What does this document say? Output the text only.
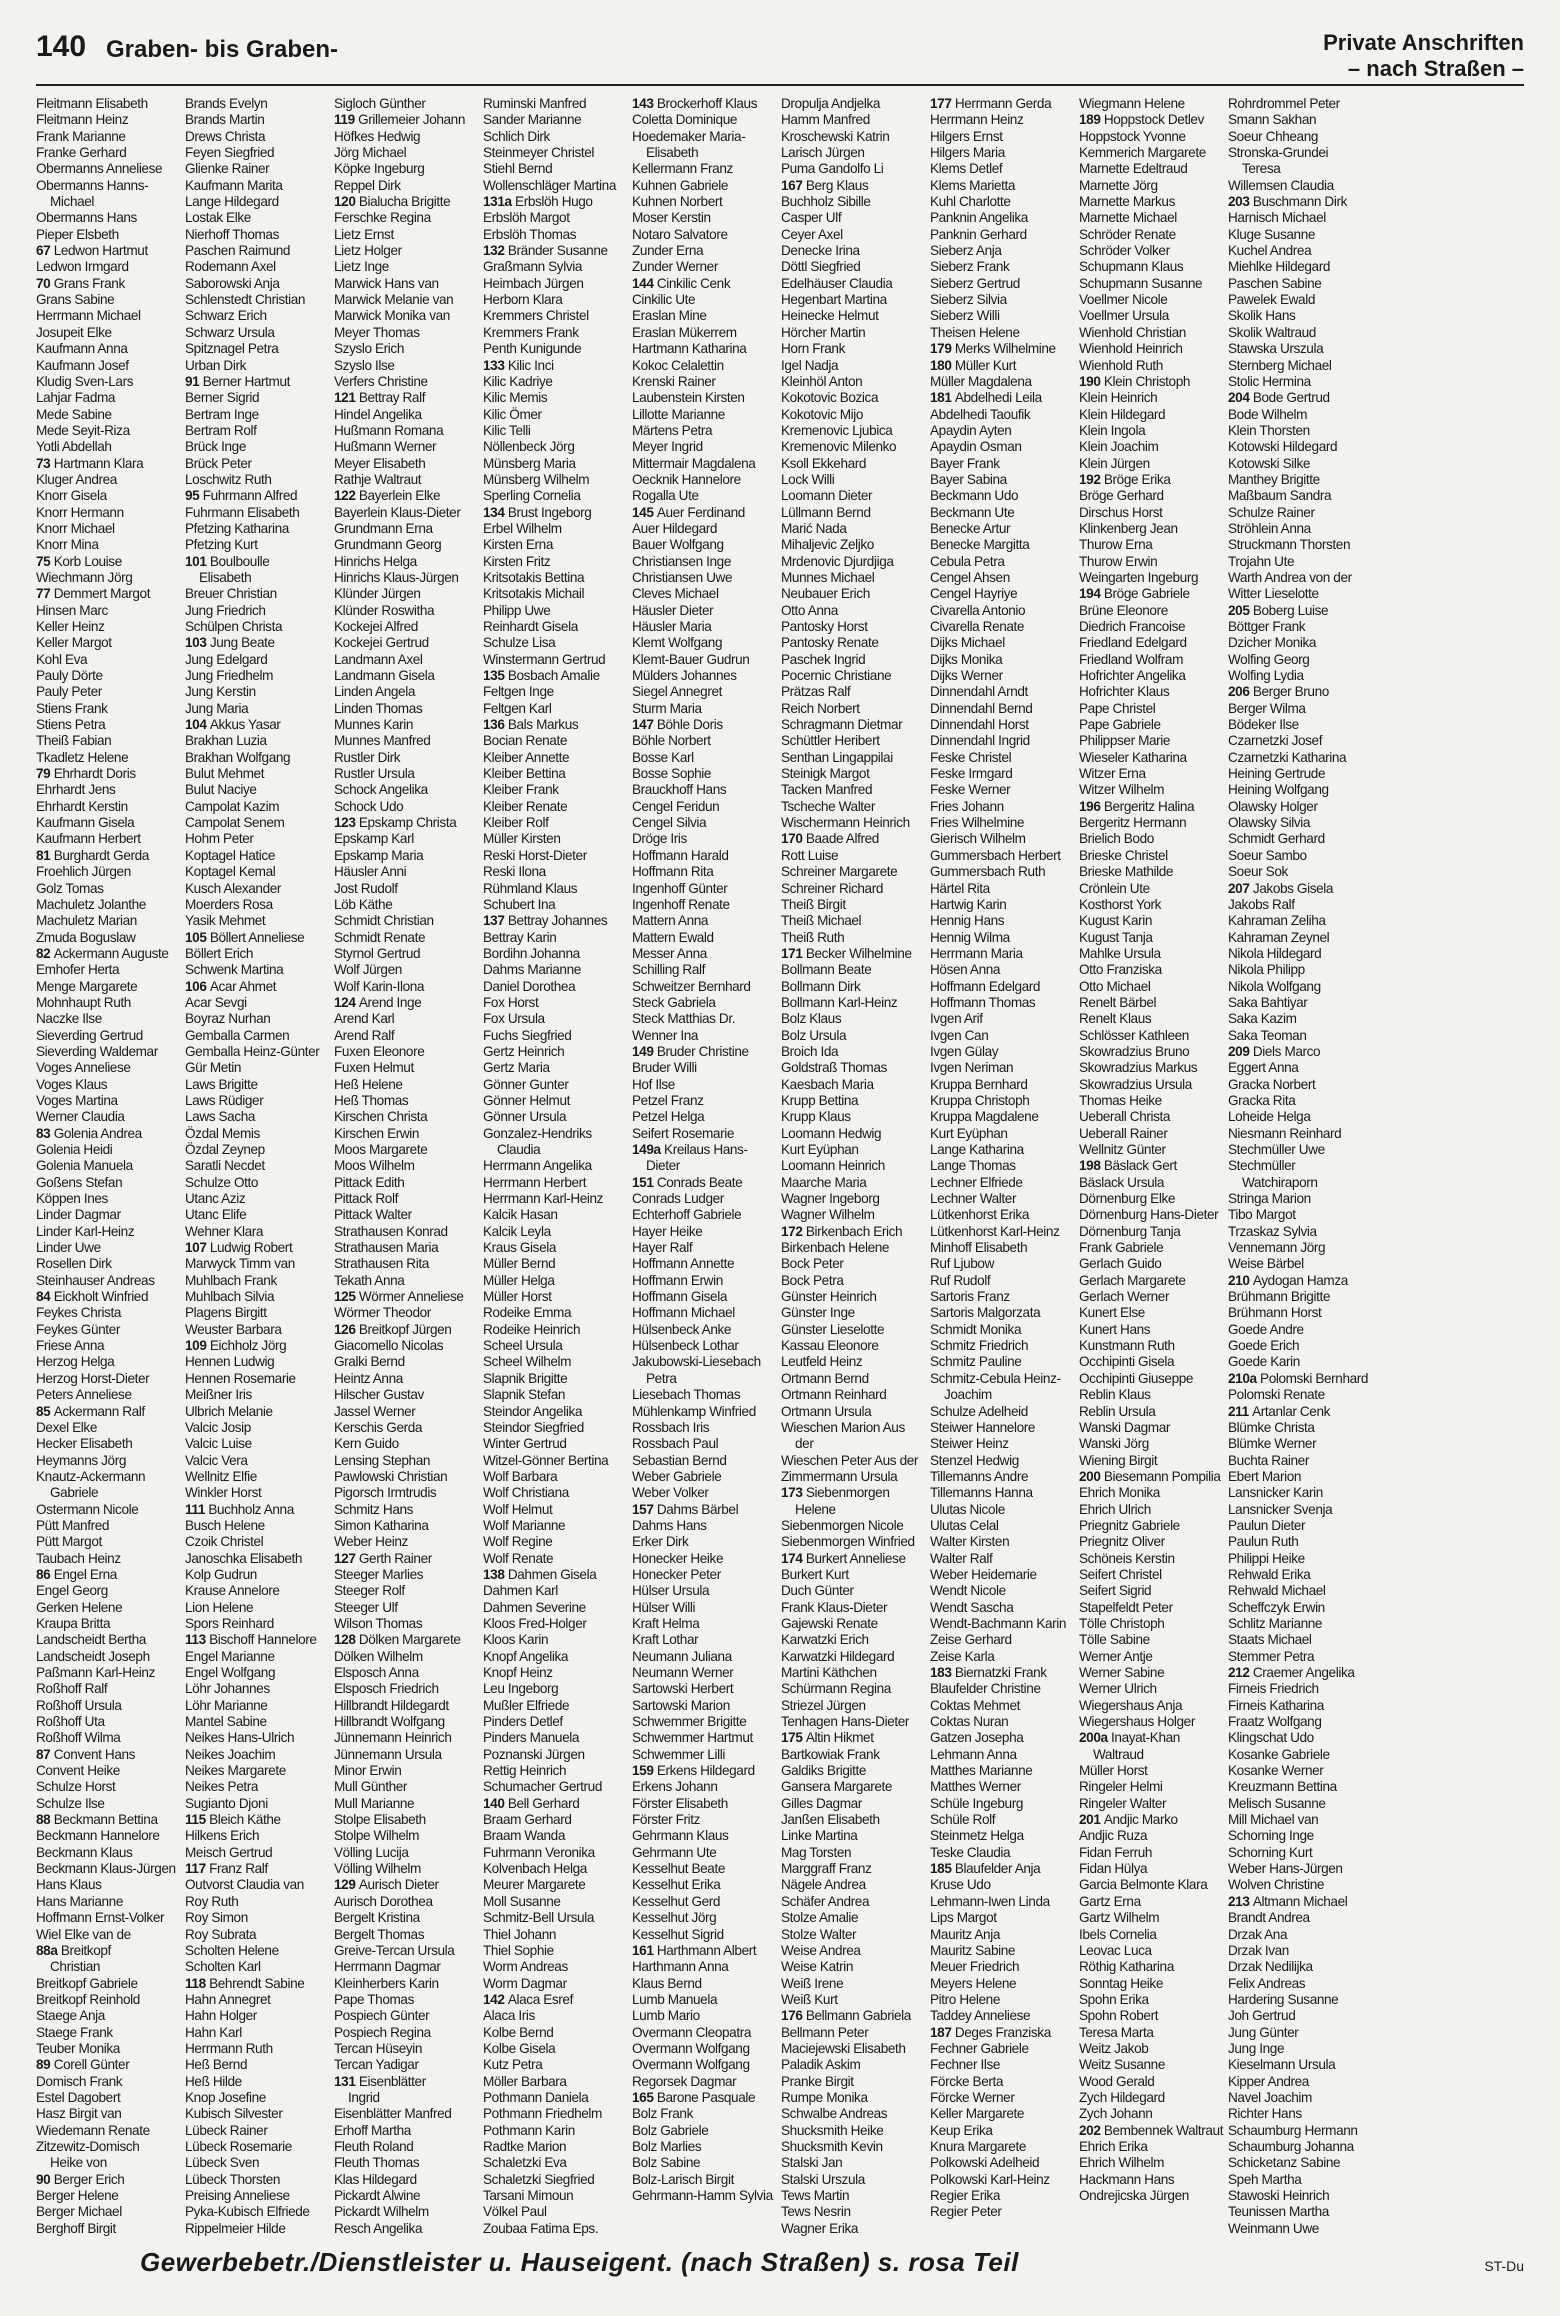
140 Graben- bis Graben-	Private Anschriften
– nach Straßen –
Fleitmann Elisabeth
Fleitmann Heinz
Frank Marianne
Franke Gerhard
Obermanns Anneliese
Obermanns Hanns-
Michael
Obermanns Hans
Pieper Elsbeth
67 Ledwon Hartmut
Ledwon Irmgard
70 Grans Frank
Grans Sabine
Herrmann Michael
Josupeit Elke
Kaufmann Anna
Kaufmann Josef
Kludig Sven-Lars
Lahjar Fadma
Mede Sabine
Mede Seyit-Riza
Yotli Abdellah
73 Hartmann Klara
Kluger Andrea
Knorr Gisela
Knorr Hermann
Knorr Michael
Knorr Mina
75 Korb Louise
Wiechmann Jörg
77 Demmert Margot
Hinsen Marc
Keller Heinz
Keller Margot
Kohl Eva
Pauly Dörte
Pauly Peter
Stiens Frank
Stiens Petra
Theiß Fabian
Tkadletz Helene
79 Ehrhardt Doris
Ehrhardt Jens
Ehrhardt Kerstin
Kaufmann Gisela
Kaufmann Herbert
81 Burghardt Gerda
Froehlich Jürgen
Golz Tomas
Machuletz Jolanthe
Machuletz Marian
Zmuda Boguslaw
82 Ackermann Auguste
Emhofer Herta
Menge Margarete
Mohnhaupt Ruth
Naczke Ilse
Sieverding Gertrud
Sieverding Waldemar
Voges Anneliese
Voges Klaus
Voges Martina
Werner Claudia
83 Golenia Andrea
Golenia Heidi
Golenia Manuela
Goßens Stefan
Köppen Ines
Linder Dagmar
Linder Karl-Heinz
Linder Uwe
Rosellen Dirk
Steinhauser Andreas
84 Eickholt Winfried
Feykes Christa
Feykes Günter
Friese Anna
Herzog Helga
Herzog Horst-Dieter
Peters Anneliese
85 Ackermann Ralf
Dexel Elke
Hecker Elisabeth
Heymanns Jörg
Knautz-Ackermann
Gabriele
Ostermann Nicole
Pütt Manfred
Pütt Margot
Taubach Heinz
86 Engel Erna
Engel Georg
Gerken Helene
Kraupa Britta
Landscheidt Bertha
Landscheidt Joseph
Paßmann Karl-Heinz
Roßhoff Ralf
Roßhoff Ursula
Roßhoff Uta
Roßhoff Wilma
87 Convent Hans
Convent Heike
Schulze Horst
Schulze Ilse
88 Beckmann Bettina
Beckmann Hannelore
Beckmann Klaus
Beckmann Klaus-Jürgen
Hans Klaus
Hans Marianne
Hoffmann Ernst-Volker
Wiel Elke van de
88a Breitkopf
Christian
Breitkopf Gabriele
Breitkopf Reinhold
Staege Anja
Staege Frank
Teuber Monika
89 Corell Günter
Domisch Frank
Estel Dagobert
Hasz Birgit van
Wiedemann Renate
Zitzewitz-Domisch
Heike von
90 Berger Erich
Berger Helene
Berger Michael
Berghoff Birgit
Brands Evelyn
Brands Martin
Drews Christa
Feyen Siegfried
Glienke Rainer
Kaufmann Marita
Lange Hildegard
Lostak Elke
Nierhoff Thomas
Paschen Raimund
Rodemann Axel
Saborowski Anja
Schlenstedt Christian
Schwarz Erich
Schwarz Ursula
Spitznagel Petra
Urban Dirk
91 Berner Hartmut
Berner Sigrid
Bertram Inge
Bertram Rolf
Brück Inge
Brück Peter
Loschwitz Ruth
95 Fuhrmann Alfred
Fuhrmann Elisabeth
Pfetzing Katharina
Pfetzing Kurt
101 Boulboulle
Elisabeth
Breuer Christian
Jung Friedrich
Schülpen Christa
103 Jung Beate
Jung Edelgard
Jung Friedhelm
Jung Kerstin
Jung Maria
104 Akkus Yasar
Brakhan Luzia
Brakhan Wolfgang
Bulut Mehmet
Bulut Naciye
Campolat Kazim
Campolat Senem
Hohm Peter
Koptagel Hatice
Koptagel Kemal
Kusch Alexander
Moerders Rosa
Yasik Mehmet
105 Böllert Anneliese
Böllert Erich
Schwenk Martina
106 Acar Ahmet
Acar Sevgi
Boyraz Nurhan
Gemballa Carmen
Gemballa Heinz-Günter
Gür Metin
Laws Brigitte
Laws Rüdiger
Laws Sacha
Özdal Memis
Özdal Zeynep
Saratli Necdet
Schulze Otto
Utanc Aziz
Utanc Elife
Wehner Klara
107 Ludwig Robert
Marwyck Timm van
Muhlbach Frank
Muhlbach Silvia
Plagens Birgitt
Weuster Barbara
109 Eichholz Jörg
Hennen Ludwig
Hennen Rosemarie
Meißner Iris
Ulbrich Melanie
Valcic Josip
Valcic Luise
Valcic Vera
Wellnitz Elfie
Winkler Horst
111 Buchholz Anna
Busch Helene
Czoik Christel
Janoschka Elisabeth
Kolp Gudrun
Krause Annelore
Lion Helene
Spors Reinhard
113 Bischoff Hannelore
Engel Marianne
Engel Wolfgang
Löhr Johannes
Löhr Marianne
Mantel Sabine
Neikes Hans-Ulrich
Neikes Joachim
Neikes Margarete
Neikes Petra
Sugianto Djoni
115 Bleich Käthe
Hilkens Erich
Meisch Gertrud
117 Franz Ralf
Outvorst Claudia van
Roy Ruth
Roy Simon
Roy Subrata
Scholten Helene
Scholten Karl
118 Behrendt Sabine
Hahn Annegret
Hahn Holger
Hahn Karl
Herrmann Ruth
Heß Bernd
Heß Hilde
Knop Josefine
Kubisch Silvester
Lübeck Rainer
Lübeck Rosemarie
Lübeck Sven
Lübeck Thorsten
Preising Anneliese
Pyka-Kubisch Elfriede
Rippelmeier Hilde
Sigloch Günther
119 Grillemeier Johann
Höfkes Hedwig
Jörg Michael
Köpke Ingeburg
Reppel Dirk
120 Bialucha Brigitte
Ferschke Regina
Lietz Ernst
Lietz Holger
Lietz Inge
Marwick Hans van
Marwick Melanie van
Marwick Monika van
Meyer Thomas
Szyslo Erich
Szyslo Ilse
Verfers Christine
121 Bettray Ralf
Hindel Angelika
Hußmann Romana
Hußmann Werner
Meyer Elisabeth
Rathje Waltraut
122 Bayerlein Elke
Bayerlein Klaus-Dieter
Grundmann Erna
Grundmann Georg
Hinrichs Helga
Hinrichs Klaus-Jürgen
Klünder Jürgen
Klünder Roswitha
Kockejei Alfred
Kockejei Gertrud
Landmann Axel
Landmann Gisela
Linden Angela
Linden Thomas
Munnes Karin
Munnes Manfred
Rustler Dirk
Rustler Ursula
Schock Angelika
Schock Udo
123 Epskamp Christa
Epskamp Karl
Epskamp Maria
Häusler Anni
Jost Rudolf
Löb Käthe
Schmidt Christian
Schmidt Renate
Styrnol Gertrud
Wolf Jürgen
Wolf Karin-Ilona
124 Arend Inge
Arend Karl
Arend Ralf
Fuxen Eleonore
Fuxen Helmut
Heß Helene
Heß Thomas
Kirschen Christa
Kirschen Erwin
Moos Margarete
Moos Wilhelm
Pittack Edith
Pittack Rolf
Pittack Walter
Strathausen Konrad
Strathausen Maria
Strathausen Rita
Tekath Anna
125 Wörmer Anneliese
Wörmer Theodor
126 Breitkopf Jürgen
Giacomello Nicolas
Gralki Bernd
Heintz Anna
Hilscher Gustav
Jassel Werner
Kerschis Gerda
Kern Guido
Lensing Stephan
Pawlowski Christian
Pigorsch Irmtrudis
Schmitz Hans
Simon Katharina
Weber Heinz
127 Gerth Rainer
Steeger Marlies
Steeger Rolf
Steeger Ulf
Wilson Thomas
128 Dölken Margarete
Dölken Wilhelm
Elsposch Anna
Elsposch Friedrich
Hillbrandt Hildegardt
Hillbrandt Wolfgang
Jünnemann Heinrich
Jünnemann Ursula
Minor Erwin
Mull Günther
Mull Marianne
Stolpe Elisabeth
Stolpe Wilhelm
Völling Lucija
Völling Wilhelm
129 Aurisch Dieter
Aurisch Dorothea
Bergelt Kristina
Bergelt Thomas
Greive-Tercan Ursula
Herrmann Dagmar
Kleinherbers Karin
Pape Thomas
Pospiech Günter
Pospiech Regina
Tercan Hüseyin
Tercan Yadigar
131 Eisenblätter
Ingrid
Eisenblätter Manfred
Erhoff Martha
Fleuth Roland
Fleuth Thomas
Klas Hildegard
Pickardt Alwine
Pickardt Wilhelm
Resch Angelika
Ruminski Manfred
Sander Marianne
Schlich Dirk
Steinmeyer Christel
Stiehl Bernd
Wollenschläger Martina
131a Erbslöh Hugo
Erbslöh Margot
Erbslöh Thomas
132 Bränder Susanne
Graßmann Sylvia
Heimbach Jürgen
Herborn Klara
Kremmers Christel
Kremmers Frank
Penth Kunigunde
133 Kilic Inci
Kilic Kadriye
Kilic Memis
Kilic Ömer
Kilic Telli
Nöllenbeck Jörg
Münsberg Maria
Münsberg Wilhelm
Sperling Cornelia
134 Brust Ingeborg
Erbel Wilhelm
Kirsten Erna
Kirsten Fritz
Kritsotakis Bettina
Kritsotakis Michail
Philipp Uwe
Reinhardt Gisela
Schulze Lisa
Winstermann Gertrud
135 Bosbach Amalie
Feltgen Inge
Feltgen Karl
136 Bals Markus
Bocian Renate
Kleiber Annette
Kleiber Bettina
Kleiber Frank
Kleiber Renate
Kleiber Rolf
Müller Kirsten
Reski Horst-Dieter
Reski Ilona
Rühmland Klaus
Schubert Ina
137 Bettray Johannes
Bettray Karin
Bordihn Johanna
Dahms Marianne
Daniel Dorothea
Fox Horst
Fox Ursula
Fuchs Siegfried
Gertz Heinrich
Gertz Maria
Gönner Gunter
Gönner Helmut
Gönner Ursula
Gonzalez-Hendriks
Claudia
Herrmann Angelika
Herrmann Herbert
Herrmann Karl-Heinz
Kalcik Hasan
Kalcik Leyla
Kraus Gisela
Müller Bernd
Müller Helga
Müller Horst
Rodeike Emma
Rodeike Heinrich
Scheel Ursula
Scheel Wilhelm
Slapnik Brigitte
Slapnik Stefan
Steindor Angelika
Steindor Siegfried
Winter Gertrud
Witzel-Gönner Bertina
Wolf Barbara
Wolf Christiana
Wolf Helmut
Wolf Marianne
Wolf Regine
Wolf Renate
138 Dahmen Gisela
Dahmen Karl
Dahmen Severine
Kloos Fred-Holger
Kloos Karin
Knopf Angelika
Knopf Heinz
Leu Ingeborg
Mußler Elfriede
Pinders Detlef
Pinders Manuela
Poznanski Jürgen
Rettig Heinrich
Schumacher Gertrud
140 Bell Gerhard
Braam Gerhard
Braam Wanda
Fuhrmann Veronika
Kolvenbach Helga
Meurer Margarete
Moll Susanne
Schmitz-Bell Ursula
Thiel Johann
Thiel Sophie
Worm Andreas
Worm Dagmar
142 Alaca Esref
Alaca Iris
Kolbe Bernd
Kolbe Gisela
Kutz Petra
Möller Barbara
Pothmann Daniela
Pothmann Friedhelm
Pothmann Karin
Radtke Marion
Schaletzki Eva
Schaletzki Siegfried
Tarsani Mimoun
Völkel Paul
Zoubaa Fatima Eps.
143 Brockerhoff Klaus
Coletta Dominique
Hoedemaker Maria-
Elisabeth
Kellermann Franz
Kuhnen Gabriele
Kuhnen Norbert
Moser Kerstin
Notaro Salvatore
Zunder Erna
Zunder Werner
144 Cinkilic Cenk
Cinkilic Ute
Eraslan Mine
Eraslan Mükerrem
Hartmann Katharina
Kokoc Celalettin
Krenski Rainer
Laubenstein Kirsten
Lillotte Marianne
Märtens Petra
Meyer Ingrid
Mittermair Magdalena
Oecknik Hannelore
Rogalla Ute
145 Auer Ferdinand
Auer Hildegard
Bauer Wolfgang
Christiansen Inge
Christiansen Uwe
Cleves Michael
Häusler Dieter
Häusler Maria
Klemt Wolfgang
Klemt-Bauer Gudrun
Mülders Johannes
Siegel Annegret
Sturm Maria
147 Böhle Doris
Böhle Norbert
Bosse Karl
Bosse Sophie
Brauckhoff Hans
Cengel Feridun
Cengel Silvia
Dröge Iris
Hoffmann Harald
Hoffmann Rita
Ingenhoff Günter
Ingenhoff Renate
Mattern Anna
Mattern Ewald
Messer Anna
Schilling Ralf
Schweitzer Bernhard
Steck Gabriela
Steck Matthias Dr.
Wenner Ina
149 Bruder Christine
Bruder Willi
Hof Ilse
Petzel Franz
Petzel Helga
Seifert Rosemarie
149a Kreilaus Hans-
Dieter
151 Conrads Beate
Conrads Ludger
Echterhoff Gabriele
Hayer Heike
Hayer Ralf
Hoffmann Annette
Hoffmann Erwin
Hoffmann Gisela
Hoffmann Michael
Hülsenbeck Anke
Hülsenbeck Lothar
Jakubowski-Liesebach
Petra
Liesebach Thomas
Mühlenkamp Winfried
Rossbach Iris
Rossbach Paul
Sebastian Bernd
Weber Gabriele
Weber Volker
157 Dahms Bärbel
Dahms Hans
Erker Dirk
Honecker Heike
Honecker Peter
Hülser Ursula
Hülser Willi
Kraft Helma
Kraft Lothar
Neumann Juliana
Neumann Werner
Sartowski Herbert
Sartowski Marion
Schwemmer Brigitte
Schwemmer Hartmut
Schwemmer Lilli
159 Erkens Hildegard
Erkens Johann
Förster Elisabeth
Förster Fritz
Gehrmann Klaus
Gehrmann Ute
Kesselhut Beate
Kesselhut Erika
Kesselhut Gerd
Kesselhut Jörg
Kesselhut Sigrid
161 Harthmann Albert
Harthmann Anna
Klaus Bernd
Lumb Manuela
Lumb Mario
Overmann Cleopatra
Overmann Wolfgang
Overmann Wolfgang
Regorsek Dagmar
165 Barone Pasquale
Bolz Frank
Bolz Gabriele
Bolz Marlies
Bolz Sabine
Bolz-Larisch Birgit
Gehrmann-Hamm Sylvia
Dropulja Andjelka
Hamm Manfred
Kroschewski Katrin
Larisch Jürgen
Puma Gandolfo Li
167 Berg Klaus
Buchholz Sibille
Casper Ulf
Ceyer Axel
Denecke Irina
Döttl Siegfried
Edelhäuser Claudia
Hegenbart Martina
Heinecke Helmut
Hörcher Martin
Horn Frank
Igel Nadja
Kleinhöl Anton
Kokotovic Bozica
Kokotovic Mijo
Kremenovic Ljubica
Kremenovic Milenko
Ksoll Ekkehard
Lock Willi
Loomann Dieter
Lüllmann Bernd
Marić Nada
Mihaljevic Zeljko
Mrdenovic Djurdjiga
Munnes Michael
Neubauer Erich
Otto Anna
Pantosky Horst
Pantosky Renate
Paschek Ingrid
Pocernic Christiane
Prätzas Ralf
Reich Norbert
Schragmann Dietmar
Schüttler Heribert
Senthan Lingappilai
Steinigk Margot
Tacken Manfred
Tscheche Walter
Wischermann Heinrich
170 Baade Alfred
Rott Luise
Schreiner Margarete
Schreiner Richard
Theiß Birgit
Theiß Michael
Theiß Ruth
171 Becker Wilhelmine
Bollmann Beate
Bollmann Dirk
Bollmann Karl-Heinz
Bolz Klaus
Bolz Ursula
Broich Ida
Goldstraß Thomas
Kaesbach Maria
Krupp Bettina
Krupp Klaus
Loomann Hedwig
Kurt Eyüphan
Loomann Heinrich
Maarche Maria
Wagner Ingeborg
Wagner Wilhelm
172 Birkenbach Erich
Birkenbach Helene
Bock Peter
Bock Petra
Günster Heinrich
Günster Inge
Günster Lieselotte
Kassau Eleonore
Leutfeld Heinz
Ortmann Bernd
Ortmann Reinhard
Ortmann Ursula
Wieschen Marion Aus
der
Wieschen Peter Aus der
Zimmermann Ursula
173 Siebenmorgen
Helene
Siebenmorgen Nicole
Siebenmorgen Winfried
174 Burkert Anneliese
Burkert Kurt
Duch Günter
Frank Klaus-Dieter
Gajewski Renate
Karwatzki Erich
Karwatzki Hildegard
Martini Käthchen
Schürmann Regina
Striezel Jürgen
Tenhagen Hans-Dieter
175 Altin Hikmet
Bartkowiak Frank
Galdiks Brigitte
Gansera Margarete
Gilles Dagmar
Janßen Elisabeth
Linke Martina
Mag Torsten
Marggraff Franz
Nägele Andrea
Schäfer Andrea
Stolze Amalie
Stolze Walter
Weise Andrea
Weise Katrin
Weiß Irene
Weiß Kurt
176 Bellmann Gabriela
Bellmann Peter
Maciejewski Elisabeth
Paladik Askim
Pranke Birgit
Rumpe Monika
Schwalbe Andreas
Shucksmith Heike
Shucksmith Kevin
Stalski Jan
Stalski Urszula
Tews Martin
Tews Nesrin
Wagner Erika
177 Herrmann Gerda
Herrmann Heinz
Hilgers Ernst
Hilgers Maria
Klems Detlef
Klems Marietta
Kuhl Charlotte
Panknin Angelika
Panknin Gerhard
Sieberz Anja
Sieberz Frank
Sieberz Gertrud
Sieberz Silvia
Sieberz Willi
Theisen Helene
179 Merks Wilhelmine
180 Müller Kurt
Müller Magdalena
181 Abdelhedi Leila
Abdelhedi Taoufik
Apaydin Ayten
Apaydin Osman
Bayer Frank
Bayer Sabina
Beckmann Udo
Beckmann Ute
Benecke Artur
Benecke Margitta
Cebula Petra
Cengel Ahsen
Cengel Hayriye
Civarella Antonio
Civarella Renate
Dijks Michael
Dijks Monika
Dijks Werner
Dinnendahl Arndt
Dinnendahl Bernd
Dinnendahl Horst
Dinnendahl Ingrid
Feske Christel
Feske Irmgard
Feske Werner
Fries Johann
Fries Wilhelmine
Gierisch Wilhelm
Gummersbach Herbert
Gummersbach Ruth
Härtel Rita
Hartwig Karin
Hennig Hans
Hennig Wilma
Herrmann Maria
Hösen Anna
Hoffmann Edelgard
Hoffmann Thomas
Ivgen Arif
Ivgen Can
Ivgen Gülay
Ivgen Neriman
Kruppa Bernhard
Kruppa Christoph
Kruppa Magdalene
Kurt Eyüphan
Lange Katharina
Lange Thomas
Lechner Elfriede
Lechner Walter
Lütkenhorst Erika
Lütkenhorst Karl-Heinz
Minhoff Elisabeth
Ruf Ljubow
Ruf Rudolf
Sartoris Franz
Sartoris Malgorzata
Schmidt Monika
Schmitz Friedrich
Schmitz Pauline
Schmitz-Cebula Heinz-
Joachim
Schulze Adelheid
Steiwer Hannelore
Steiwer Heinz
Stenzel Hedwig
Tillemanns Andre
Tillemanns Hanna
Ulutas Nicole
Ulutas Celal
Walter Kirsten
Walter Ralf
Weber Heidemarie
Wendt Nicole
Wendt Sascha
Wendt-Bachmann Karin
Zeise Gerhard
Zeise Karla
183 Biernatzki Frank
Blaufelder Christine
Coktas Mehmet
Coktas Nuran
Gatzen Josepha
Lehmann Anna
Matthes Marianne
Matthes Werner
Schüle Ingeburg
Schüle Rolf
Steinmetz Helga
Teske Claudia
185 Blaufelder Anja
Kruse Udo
Lehmann-Iwen Linda
Lips Margot
Mauritz Anja
Mauritz Sabine
Meuer Friedrich
Meyers Helene
Pitro Helene
Taddey Anneliese
187 Deges Franziska
Fechner Gabriele
Fechner Ilse
Förcke Berta
Förcke Werner
Keller Margarete
Keup Erika
Knura Margarete
Polkowski Adelheid
Polkowski Karl-Heinz
Regier Erika
Regier Peter
Wiegmann Helene
189 Hoppstock Detlev
Hoppstock Yvonne
Kemmerich Margarete
Marnette Edeltraud
Marnette Jörg
Marnette Markus
Marnette Michael
Schröder Renate
Schröder Volker
Schupmann Klaus
Schupmann Susanne
Voellmer Nicole
Voellmer Ursula
Wienhold Christian
Wienhold Heinrich
Wienhold Ruth
190 Klein Christoph
Klein Heinrich
Klein Hildegard
Klein Ingola
Klein Joachim
Klein Jürgen
192 Bröge Erika
Bröge Gerhard
Dirschus Horst
Klinkenberg Jean
Thurow Erna
Thurow Erwin
Weingarten Ingeburg
194 Bröge Gabriele
Brüne Eleonore
Diedrich Francoise
Friedland Edelgard
Friedland Wolfram
Hofrichter Angelika
Hofrichter Klaus
Pape Christel
Pape Gabriele
Philippser Marie
Wieseler Katharina
Witzer Erna
Witzer Wilhelm
196 Bergeritz Halina
Bergeritz Hermann
Brielich Bodo
Brieske Christel
Brieske Mathilde
Crönlein Ute
Kosthorst York
Kugust Karin
Kugust Tanja
Mahlke Ursula
Otto Franziska
Otto Michael
Renelt Bärbel
Renelt Klaus
Schlösser Kathleen
Skowradzius Bruno
Skowradzius Markus
Skowradzius Ursula
Thomas Heike
Ueberall Christa
Ueberall Rainer
Wellnitz Günter
198 Bäslack Gert
Bäslack Ursula
Dörnenburg Elke
Dörnenburg Hans-Dieter
Dörnenburg Tanja
Frank Gabriele
Gerlach Guido
Gerlach Margarete
Gerlach Werner
Kunert Else
Kunert Hans
Kunstmann Ruth
Occhipinti Gisela
Occhipinti Giuseppe
Reblin Klaus
Reblin Ursula
Wanski Dagmar
Wanski Jörg
Wiening Birgit
200 Biesemann Pompilia
Ehrich Monika
Ehrich Ulrich
Priegnitz Gabriele
Priegnitz Oliver
Schöneis Kerstin
Seifert Christel
Seifert Sigrid
Stapelfeldt Peter
Tölle Christoph
Tölle Sabine
Werner Antje
Werner Sabine
Werner Ulrich
Wiegershaus Anja
Wiegershaus Holger
200a Inayat-Khan
Waltraud
Müller Horst
Ringeler Helmi
Ringeler Walter
201 Andjic Marko
Andjic Ruza
Fidan Ferruh
Fidan Hülya
Garcia Belmonte Klara
Gartz Erna
Gartz Wilhelm
Ibels Cornelia
Leovac Luca
Röthig Katharina
Sonntag Heike
Spohn Erika
Spohn Robert
Teresa Marta
Weitz Jakob
Weitz Susanne
Wood Gerald
Zych Hildegard
Zych Johann
202 Bembennek Waltraut
Ehrich Erika
Ehrich Wilhelm
Hackmann Hans
Ondrejicska Jürgen
Rohrdrommel Peter
Smann Sakhan
Soeur Chheang
Stronska-Grundei
Teresa
Willemsen Claudia
203 Buschmann Dirk
Harnisch Michael
Kluge Susanne
Kuchel Andrea
Miehlke Hildegard
Paschen Sabine
Pawelek Ewald
Skolik Hans
Skolik Waltraud
Stawska Urszula
Sternberg Michael
Stolic Hermina
204 Bode Gertrud
Bode Wilhelm
Klein Thorsten
Kotowski Hildegard
Kotowski Silke
Manthey Brigitte
Maßbaum Sandra
Schulze Rainer
Ströhlein Anna
Struckmann Thorsten
Trojahn Ute
Warth Andrea von der
Witter Lieselotte
205 Boberg Luise
Böttger Frank
Dzicher Monika
Wolfing Georg
Wolfing Lydia
206 Berger Bruno
Berger Wilma
Bödeker Ilse
Czarnetzki Josef
Czarnetzki Katharina
Heining Gertrude
Heining Wolfgang
Olawsky Holger
Olawsky Silvia
Schmidt Gerhard
Soeur Sambo
Soeur Sok
207 Jakobs Gisela
Jakobs Ralf
Kahraman Zeliha
Kahraman Zeynel
Nikola Hildegard
Nikola Philipp
Nikola Wolfgang
Saka Bahtiyar
Saka Kazim
Saka Teoman
209 Diels Marco
Eggert Anna
Gracka Norbert
Gracka Rita
Loheide Helga
Niesmann Reinhard
Stechmüller Uwe
Stechmüller
Watchiraporn
Stringa Marion
Tibo Margot
Trzaskaz Sylvia
Vennemann Jörg
Weise Bärbel
210 Aydogan Hamza
Brühmann Brigitte
Brühmann Horst
Goede Andre
Goede Erich
Goede Karin
210a Polomski Bernhard
Polomski Renate
211 Artanlar Cenk
Blümke Christa
Blümke Werner
Buchta Rainer
Ebert Marion
Lansnicker Karin
Lansnicker Svenja
Paulun Dieter
Paulun Ruth
Philippi Heike
Rehwald Erika
Rehwald Michael
Scheffczyk Erwin
Schlitz Marianne
Staats Michael
Stemmer Petra
212 Craemer Angelika
Firneis Friedrich
Firneis Katharina
Fraatz Wolfgang
Klingschat Udo
Kosanke Gabriele
Kosanke Werner
Kreuzmann Bettina
Melisch Susanne
Mill Michael van
Schorning Inge
Schorning Kurt
Weber Hans-Jürgen
Wolven Christine
213 Altmann Michael
Brandt Andrea
Drzak Ana
Drzak Ivan
Drzak Nedilijka
Felix Andreas
Hardering Susanne
Joh Gertrud
Jung Günter
Jung Inge
Kieselmann Ursula
Kipper Andrea
Navel Joachim
Richter Hans
Schaumburg Hermann
Schaumburg Johanna
Schicketanz Sabine
Speh Martha
Stawoski Heinrich
Teunissen Martha
Weinmann Uwe
Gewerbebetr./Dienstleister u. Hauseigent. (nach Straßen) s. rosa Teil	ST-Du
